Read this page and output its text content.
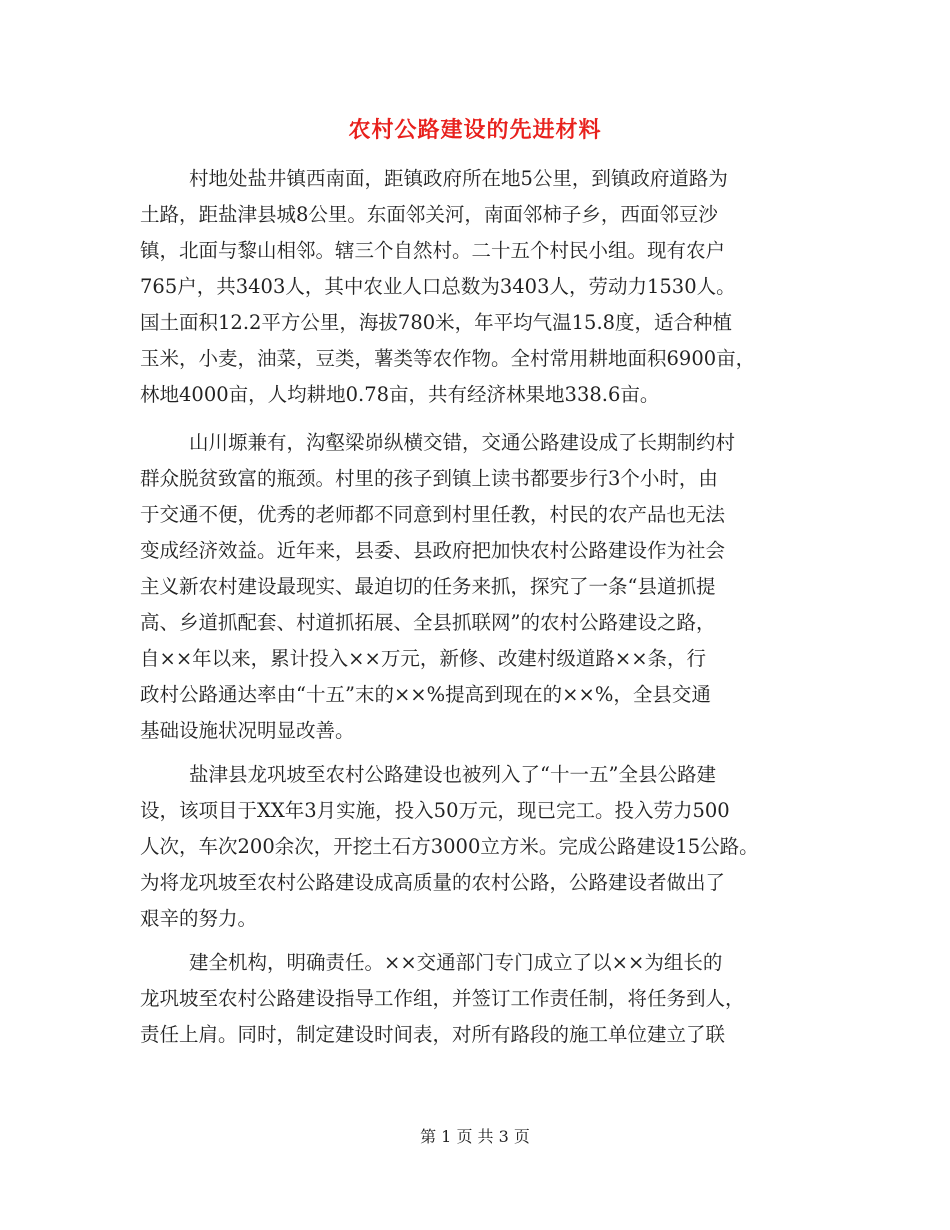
农村公路建设的先进材料
村地处盐井镇西南面，距镇政府所在地5公里，到镇政府道路为
土路，距盐津县城8公里。东面邻关河，南面邻柿子乡，西面邻豆沙
镇，北面与黎山相邻。辖三个自然村。二十五个村民小组。现有农户
765户，共3403人，其中农业人口总数为3403人，劳动力1530人。
国土面积12.2平方公里，海拔780米，年平均气温15.8度，适合种植
玉米，小麦，油菜，豆类，薯类等农作物。全村常用耕地面积6900亩，
林地4000亩，人均耕地0.78亩，共有经济林果地338.6亩。
山川塬兼有，沟壑梁峁纵横交错，交通公路建设成了长期制约村
群众脱贫致富的瓶颈。村里的孩子到镇上读书都要步行3个小时，由
于交通不便，优秀的老师都不同意到村里任教，村民的农产品也无法
变成经济效益。近年来，县委、县政府把加快农村公路建设作为社会
主义新农村建设最现实、最迫切的任务来抓，探究了一条“县道抓提
高、乡道抓配套、村道抓拓展、全县抓联网”的农村公路建设之路，
自××年以来，累计投入××万元，新修、改建村级道路××条，行
政村公路通达率由“十五”末的××%提高到现在的××%，全县交通
基础设施状况明显改善。
盐津县龙巩坡至农村公路建设也被列入了“十一五”全县公路建
设，该项目于XX年3月实施，投入50万元，现已完工。投入劳力500
人次，车次200余次，开挖土石方3000立方米。完成公路建设15公路。
为将龙巩坡至农村公路建设成高质量的农村公路，公路建设者做出了
艰辛的努力。
建全机构，明确责任。××交通部门专门成立了以××为组长的
龙巩坡至农村公路建设指导工作组，并签订工作责任制，将任务到人，
责任上肩。同时，制定建设时间表，对所有路段的施工单位建立了联
第 1 页 共 3 页
